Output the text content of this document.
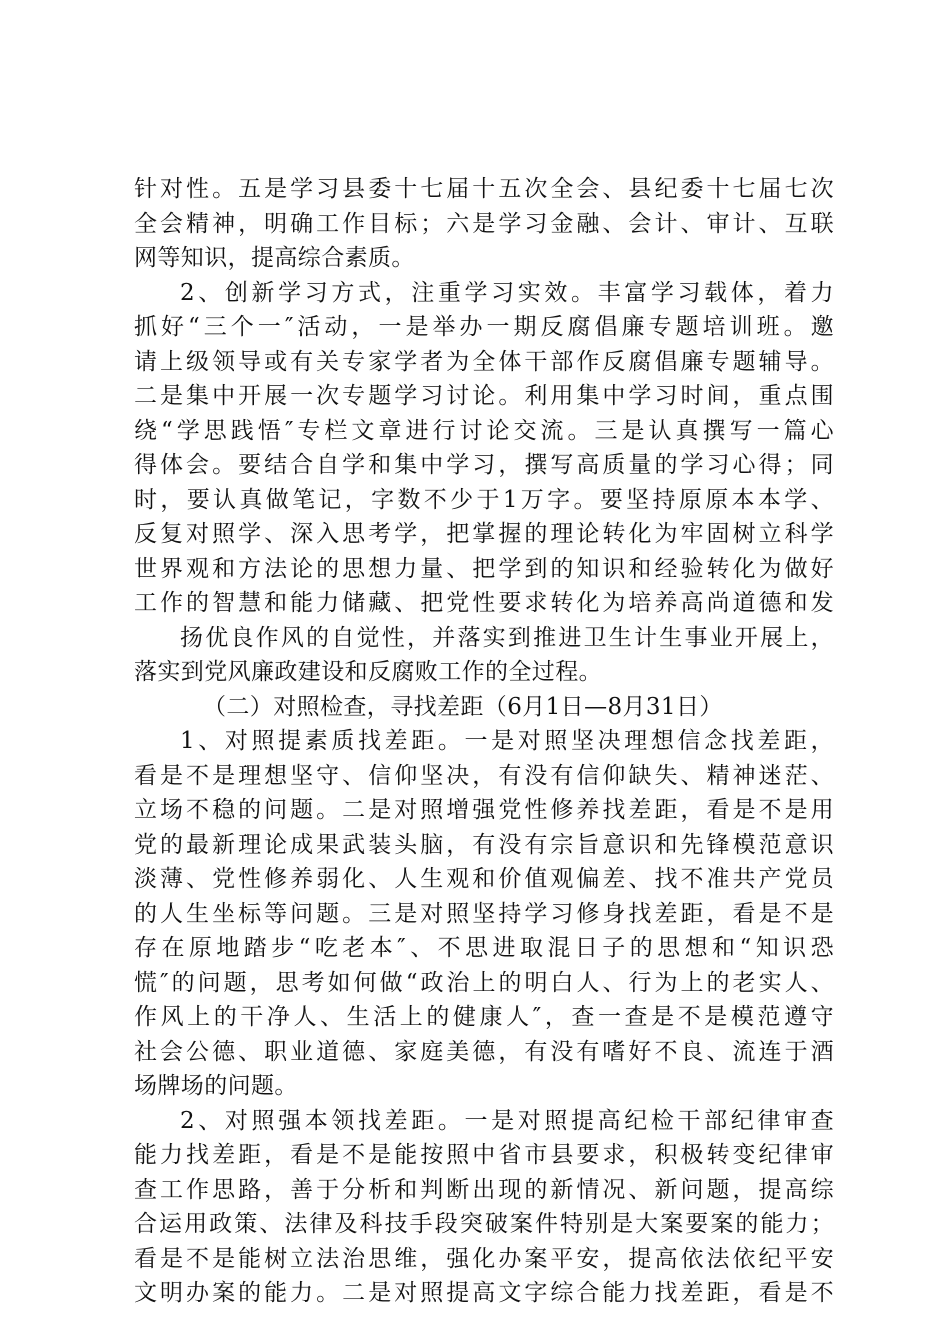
针对性。五是学习县委十七届十五次全会、县纪委十七届七次
全会精神，明确工作目标；六是学习金融、会计、审计、互联
网等知识，提高综合素质。
2、创新学习方式，注重学习实效。丰富学习载体，着力
抓好“三个一″活动，一是举办一期反腐倡廉专题培训班。邀
请上级领导或有关专家学者为全体干部作反腐倡廉专题辅导。
二是集中开展一次专题学习讨论。利用集中学习时间，重点围
绕“学思践悟″专栏文章进行讨论交流。三是认真撰写一篇心
得体会。要结合自学和集中学习，撰写高质量的学习心得；同
时，要认真做笔记，字数不少于1万字。要坚持原原本本学、
反复对照学、深入思考学，把掌握的理论转化为牢固树立科学
世界观和方法论的思想力量、把学到的知识和经验转化为做好
工作的智慧和能力储藏、把党性要求转化为培养高尚道德和发
扬优良作风的自觉性，并落实到推进卫生计生事业开展上，
落实到党风廉政建设和反腐败工作的全过程。
（二）对照检查，寻找差距（6月1日—8月31日）
1、对照提素质找差距。一是对照坚决理想信念找差距，
看是不是理想坚守、信仰坚决，有没有信仰缺失、精神迷茫、
立场不稳的问题。二是对照增强党性修养找差距，看是不是用
党的最新理论成果武装头脑，有没有宗旨意识和先锋模范意识
淡薄、党性修养弱化、人生观和价值观偏差、找不准共产党员
的人生坐标等问题。三是对照坚持学习修身找差距，看是不是
存在原地踏步“吃老本″、不思进取混日子的思想和“知识恐
慌″的问题，思考如何做“政治上的明白人、行为上的老实人、
作风上的干净人、生活上的健康人″，查一查是不是模范遵守
社会公德、职业道德、家庭美德，有没有嗜好不良、流连于酒
场牌场的问题。
2、对照强本领找差距。一是对照提高纪检干部纪律审查
能力找差距，看是不是能按照中省市县要求，积极转变纪律审
查工作思路，善于分析和判断出现的新情况、新问题，提高综
合运用政策、法律及科技手段突破案件特别是大案要案的能力；
看是不是能树立法治思维，强化办案平安，提高依法依纪平安
文明办案的能力。二是对照提高文字综合能力找差距，看是不
